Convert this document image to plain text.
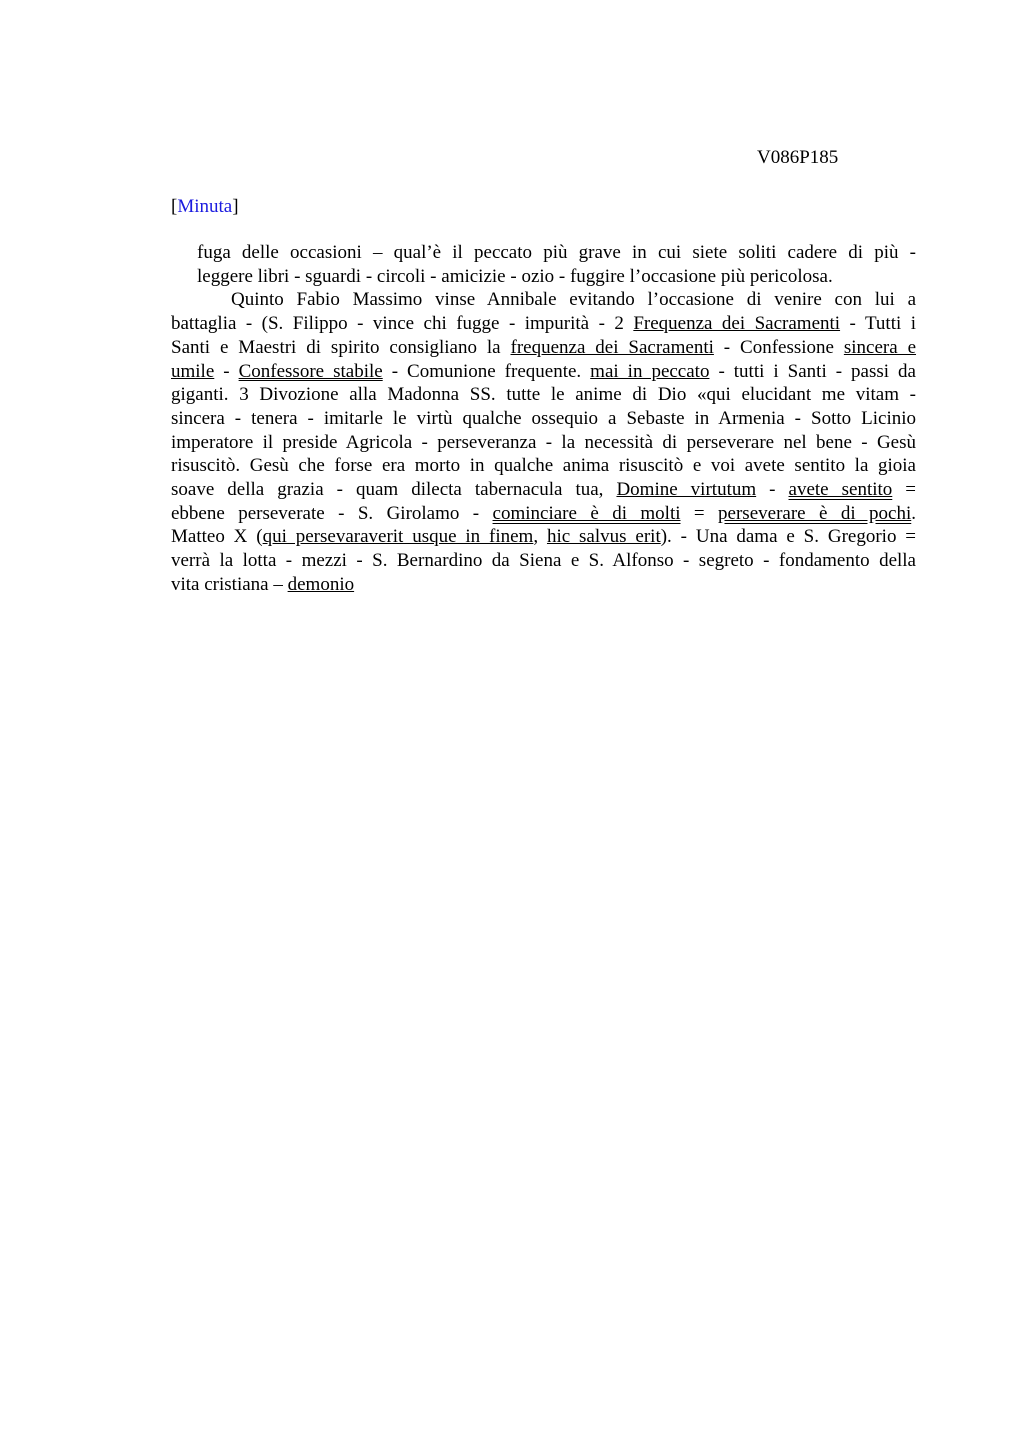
V086P185
[Minuta]

fuga delle occasioni – qual’è il peccato più grave in cui siete soliti cadere di più -
leggere libri - sguardi - circoli - amicizie - ozio - fuggire l’occasione più pericolosa.

Quinto Fabio Massimo vinse Annibale evitando l’occasione di venire con lui a
battaglia - (S. Filippo - vince chi fugge - impurità - 2 Frequenza dei Sacramenti - Tutti i
Santi e Maestri di spirito consigliano la frequenza dei Sacramenti - Confessione sincera e
umile - Confessore stabile - Comunione frequente. mai in peccato - tutti i Santi - passi da
giganti. 3 Divozione alla Madonna SS. tutte le anime di Dio «qui elucidant me vitam -
sincera - tenera - imitarle le virtù qualche ossequio a Sebaste in Armenia - Sotto Licinio
imperatore il preside Agricola - perseveranza - la necessità di perseverare nel bene - Gesù
risuscitò. Gesù che forse era morto in qualche anima risuscitò e voi avete sentito la gioia
soave della grazia - quam dilecta tabernacula tua, Domine virtutum - avete sentito =
ebbene perseverate - S. Girolamo - cominciare è di molti = perseverare è di pochi.
Matteo X (qui persevaraverit usque in finem, hic salvus erit). - Una dama e S. Gregorio =
verrà la lotta - mezzi - S. Bernardino da Siena e S. Alfonso - segreto - fondamento della
vita cristiana – demonio
